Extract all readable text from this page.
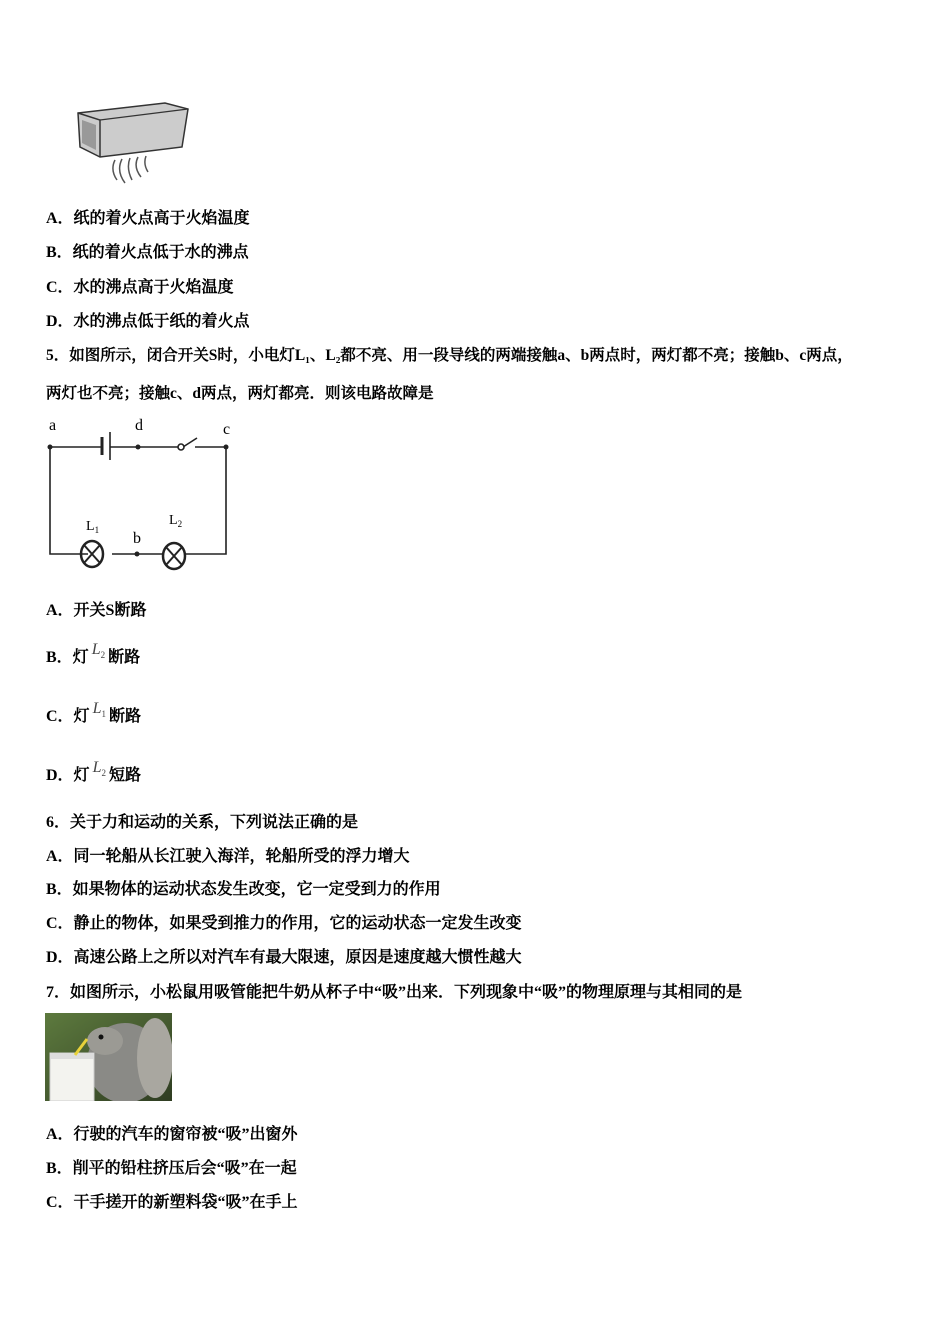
A．纸的着火点高于火焰温度
B．纸的着火点低于水的沸点
C．水的沸点高于火焰温度
D．水的沸点低于纸的着火点
5．如图所示，闭合开关S时，小电灯L₁、L₂都不亮、用一段导线的两端接触a、b两点时，两灯都不亮；接触b、c两点，
两灯也不亮；接触c、d两点，两灯都亮．则该电路故障是
a	d	c
b
$L_1$
$L_2$
A．开关S断路
B．灯 $L_2$ 断路
C．灯 $L_1$ 断路
D．灯 $L_2$ 短路
6．关于力和运动的关系，下列说法正确的是
A．同一轮船从长江驶入海洋，轮船所受的浮力增大
B．如果物体的运动状态发生改变，它一定受到力的作用
C．静止的物体，如果受到推力的作用，它的运动状态一定发生改变
D．高速公路上之所以对汽车有最大限速，原因是速度越大惯性越大
7．如图所示，小松鼠用吸管能把牛奶从杯子中“吸”出来．下列现象中“吸”的物理原理与其相同的是
A．行驶的汽车的窗帘被“吸”出窗外
B．削平的铅柱挤压后会“吸”在一起
C．干手搓开的新塑料袋“吸”在手上
